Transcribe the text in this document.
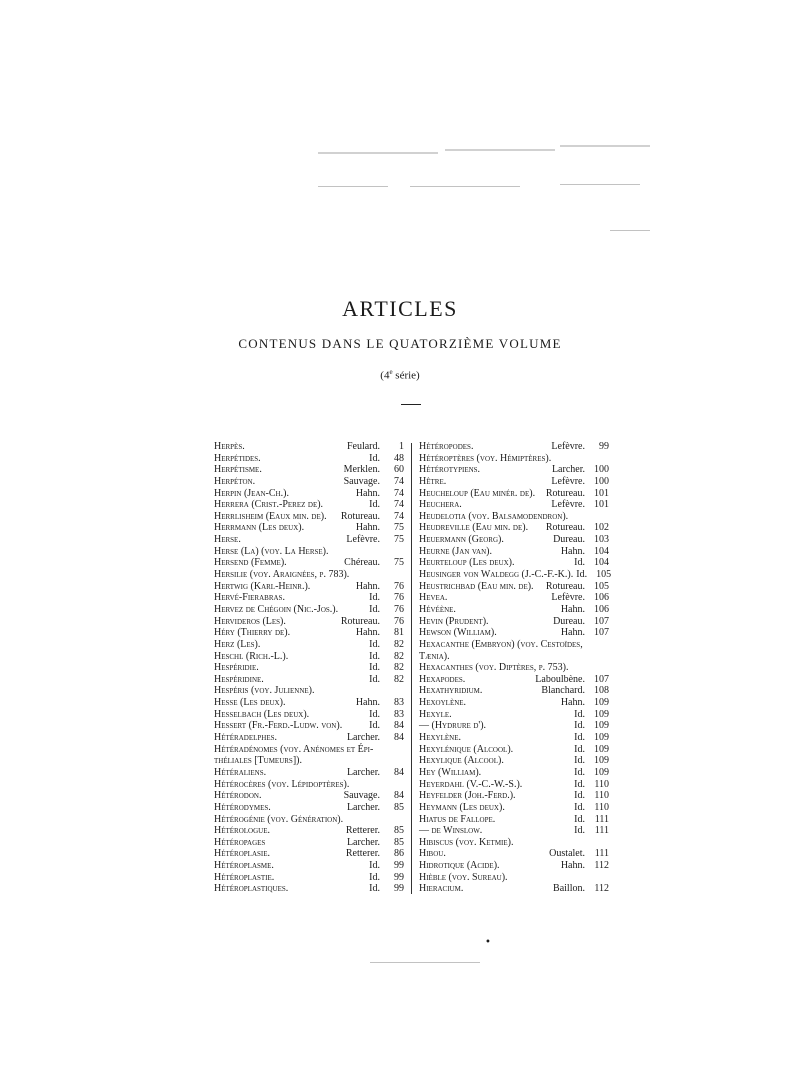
ARTICLES
CONTENUS DANS LE QUATORZIÈME VOLUME
(4e série)
Herpès.	Feulard.	1
Herpétides.	Id.	48
Herpétisme.	Merklen.	60
Herpéton.	Sauvage.	74
Herpin (Jean-Ch.).	Hahn.	74
Herrera (Crist.-Perez de).	Id.	74
Herrlisheim (Eaux min. de).	Rotureau.	74
Herrmann (Les deux).	Hahn.	75
Herse.	Lefèvre.	75
Herse (La) (voy. La Herse).
Hersend (Femme).	Chéreau.	75
Hersilie (voy. Araignées, p. 783).
Hertwig (Karl-Heinr.).	Hahn.	76
Hervé-Fierabras.	Id.	76
Hervez de Chégoin (Nic.-Jos.).	Id.	76
Hervideros (Les).	Rotureau.	76
Héry (Thierry de).	Hahn.	81
Herz (Les).	Id.	82
Heschl (Rich.-L.).	Id.	82
Hespéridie.	Id.	82
Hespéridine.	Id.	82
Hespéris (voy. Julienne).
Hesse (Les deux).	Hahn.	83
Hesselbach (Les deux).	Id.	83
Hessert (Fr.-Ferd.-Ludw. von).	Id.	84
Hétéradelphes.	Larcher.	84
Hétéradénomes (voy. Anénomes et Épi-
théliales [Tumeurs]).
Hétéraliens.	Larcher.	84
Hétérocères (voy. Lépidoptères).
Hétérodon.	Sauvage.	84
Hétérodymes.	Larcher.	85
Hétérogénie (voy. Génération).
Hétérologue.	Retterer.	85
Hétéropages	Larcher.	85
Hétéroplasie.	Retterer.	86
Hétéroplasme.	Id.	99
Hétéroplastie.	Id.	99
Hétéroplastiques.	Id.	99
Hétéropodes.	Lefèvre.	99
Hétéroptères (voy. Hémiptères).
Hétérotypiens.	Larcher. 100
Hêtre.	Lefèvre. 100
Heucheloup (Eau minér. de).	Rotureau. 101
Heuchera.	Lefèvre. 101
Heudelotia (voy. Balsamodendron).
Heudreville (Eau min. de).	Rotureau. 102
Heuermann (Georg).	Dureau. 103
Heurne (Jan van).	Hahn. 104
Heurteloup (Les deux).	Id. 104
Heusinger von Waldegg (J.-C.-F.-K.). Id. 105
Heustrichbad (Eau min. de).	Rotureau. 105
Hevea.	Lefèvre. 106
Hévéène.	Hahn. 106
Hevin (Prudent).	Dureau. 107
Hewson (William).	Hahn. 107
Hexacanthe (Embryon) (voy. Cestoïdes,
Tænia).
Hexacanthes (voy. Diptères, p. 753).
Hexapodes.	Laboulbène. 107
Hexathyridium.	Blanchard. 108
Hexoylène.	Hahn. 109
Hexyle.	Id. 109
— (Hydrure d').	Id. 109
Hexylène.	Id. 109
Hexylénique (Alcool).	Id. 109
Hexylique (Alcool).	Id. 109
Hey (William).	Id. 109
Heyerdahl (V.-C.-W.-S.).	Id. 110
Heyfelder (Joh.-Ferd.).	Id. 110
Heymann (Les deux).	Id. 110
Hiatus de Fallope.	Id. 111
— de Winslow.	Id. 111
Hibiscus (voy. Ketmie).
Hibou.	Oustalet. 111
Hidrotique (Acide).	Hahn. 112
Hièble (voy. Sureau).
Hieracium.	Baillon. 112
•
